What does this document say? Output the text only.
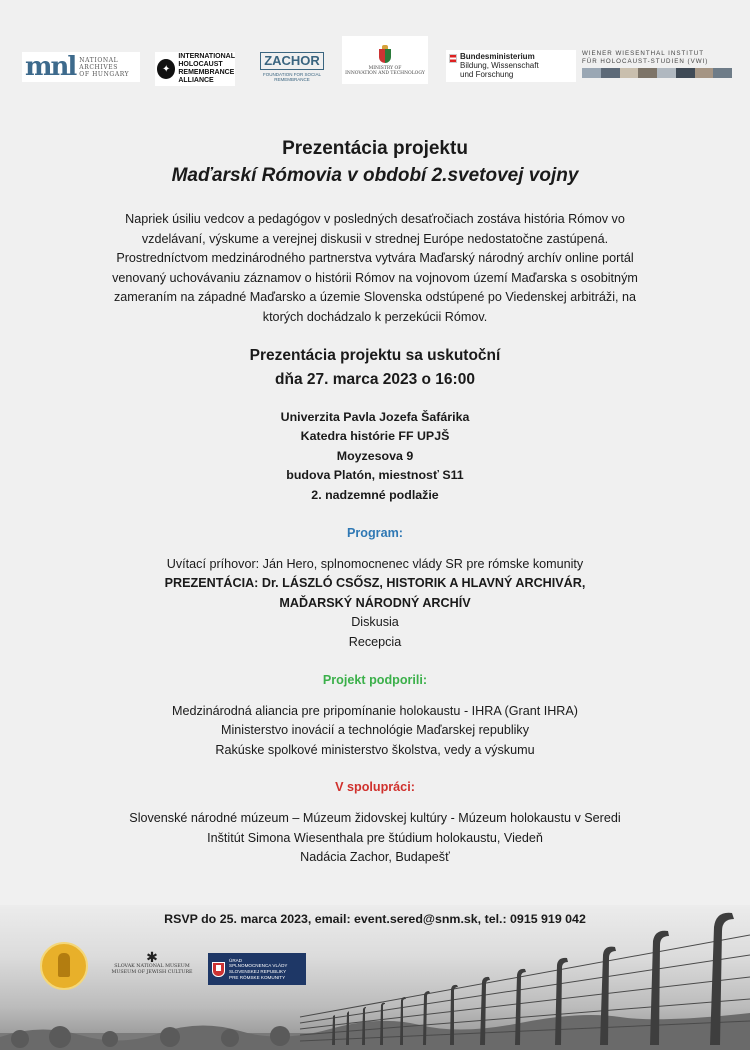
mnl NATIONAL
ARCHIVES
OF HUNGARY	✦
INTERNATIONAL
HOLOCAUST
REMEMBRANCE
ALLIANCE
ZACHOR
FOUNDATION FOR SOCIAL
REMEMBRANCE
MINISTRY OF
INNOVATION AND TECHNOLOGY
Bundesministerium
Bildung, Wissenschaft
und Forschung
WIENER WIESENTHAL INSTITUT
FÜR HOLOCAUST-STUDIEN (VWI)
Prezentácia projektu
Maďarskí Rómovia v období 2.svetovej vojny

Napriek úsiliu vedcov a pedagógov v posledných desaťročiach zostáva história Rómov vo vzdelávaní, výskume a verejnej diskusii v strednej Európe nedostatočne zastúpená. Prostredníctvom medzinárodného partnerstva vytvára Maďarský národný archív online portál venovaný uchovávaniu záznamov o histórii Rómov na vojnovom území Maďarska s osobitným zameraním na západné Maďarsko a územie Slovenska odstúpené po Viedenskej arbitráži, na ktorých dochádzalo k perzekúcii Rómov.

Prezentácia projektu sa uskutoční
dňa 27. marca 2023 o 16:00
Univerzita Pavla Jozefa Šafárika
Katedra histórie FF UPJŠ
Moyzesova 9
budova Platón, miestnosť S11
2. nadzemné podlažie
Program:
Uvítací príhovor: Ján Hero, splnomocnenec vlády SR pre rómske komunity
PREZENTÁCIA: Dr. LÁSZLÓ CSŐSZ, HISTORIK A HLAVNÝ ARCHIVÁR,
MAĎARSKÝ NÁRODNÝ ARCHÍV
Diskusia
Recepcia
Projekt podporili:
Medzinárodná aliancia pre pripomínanie holokaustu - IHRA (Grant IHRA)
Ministerstvo inovácií a technológie Maďarskej republiky
Rakúske spolkové ministerstvo školstva, vedy a výskumu
V spolupráci:
Slovenské národné múzeum – Múzeum židovskej kultúry - Múzeum holokaustu v Seredi
Inštitút Simona Wiesenthala pre štúdium holokaustu, Viedeň
Nadácia Zachor, Budapešť
RSVP do 25. marca 2023, email: event.sered@snm.sk, tel.: 0915 919 042
✱
SLOVAK NATIONAL MUSEUM
MUSEUM OF JEWISH CULTURE
ÚRAD
SPLNOMOCNENCA VLÁDY
SLOVENSKEJ REPUBLIKY
PRE RÓMSKE KOMUNITY
